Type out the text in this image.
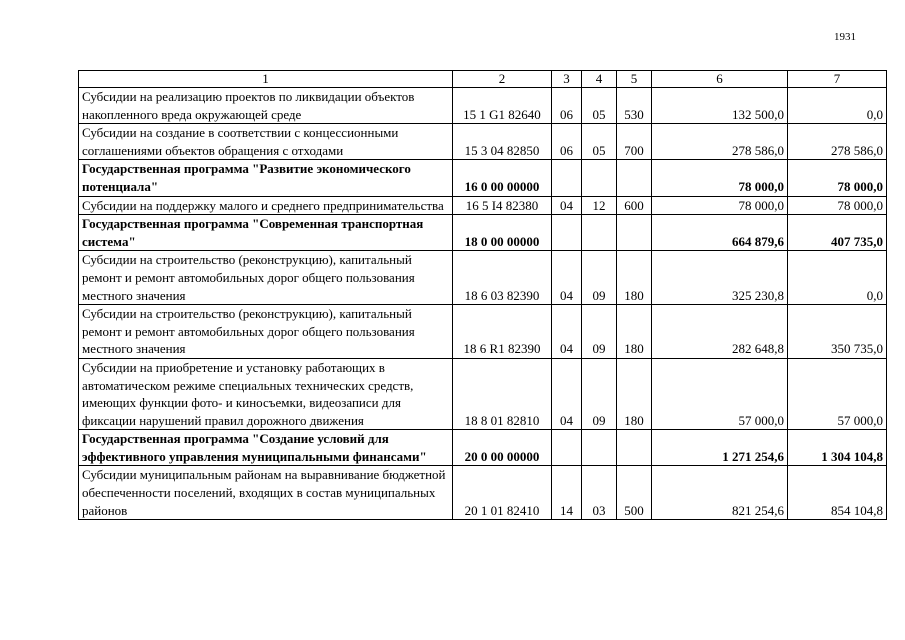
1931
1	2	3	4	5	6	7
Субсидии на реализацию проектов по ликвидации объектов накопленного вреда окружающей среде	15 1 G1 82640	06	05	530	132 500,0	0,0
Субсидии на создание в соответствии с концессионными соглашениями объектов обращения с отходами	15 3 04 82850	06	05	700	278 586,0	278 586,0
Государственная программа "Развитие экономического потенциала"	16 0 00 00000				78 000,0	78 000,0
Субсидии на поддержку малого и среднего предпринимательства	16 5 I4 82380	04	12	600	78 000,0	78 000,0
Государственная программа "Современная транспортная система"	18 0 00 00000				664 879,6	407 735,0
Субсидии на строительство (реконструкцию), капитальный ремонт и ремонт автомобильных дорог общего пользования местного значения	18 6 03 82390	04	09	180	325 230,8	0,0
Субсидии на строительство (реконструкцию), капитальный ремонт и ремонт автомобильных дорог общего пользования местного значения	18 6 R1 82390	04	09	180	282 648,8	350 735,0
Субсидии на приобретение и установку работающих в автоматическом режиме специальных технических средств, имеющих функции фото- и киносъемки, видеозаписи для фиксации нарушений правил дорожного движения	18 8 01 82810	04	09	180	57 000,0	57 000,0
Государственная программа "Создание условий для эффективного управления муниципальными финансами"	20 0 00 00000				1 271 254,6	1 304 104,8
Субсидии муниципальным районам на выравнивание бюджетной обеспеченности поселений, входящих в состав муниципальных районов	20 1 01 82410	14	03	500	821 254,6	854 104,8
